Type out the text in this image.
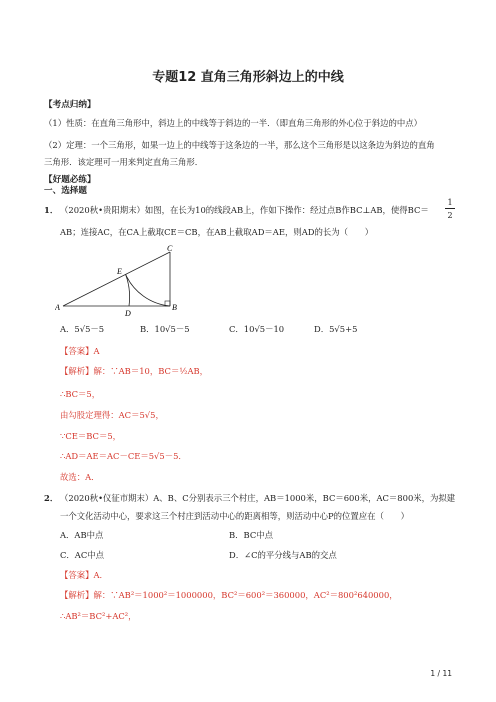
专题12 直角三角形斜边上的中线
【考点归纳】
（1）性质：在直角三角形中，斜边上的中线等于斜边的一半．（即直角三角形的外心位于斜边的中点）
（2）定理：一个三角形，如果一边上的中线等于这条边的一半，那么这个三角形是以这条边为斜边的直角
三角形．该定理可一用来判定直角三角形．
【好题必练】
一、选择题
1． （2020秋•贵阳期末）如图，在长为10的线段AB上，作如下操作：经过点B作BC⊥AB，使得BC＝
1
2
AB；连接AC，在CA上截取CE＝CB，在AB上截取AD＝AE，则AD的长为（　　）
A	B
C
D
E
A．5√5－5	B．10√5－5	C．10√5－10	D．5√5+5
【答案】A
【解析】解：∵AB＝10，BC＝½AB，
∴BC＝5，
由勾股定理得：AC＝5√5，
∵CE＝BC＝5，
∴AD＝AE＝AC－CE＝5√5－5．
故选：A．
2． （2020秋•仪征市期末）A、B、C分别表示三个村庄，AB＝1000米，BC＝600米，AC＝800米，为拟建
一个文化活动中心，要求这三个村庄到活动中心的距离相等，则活动中心P的位置应在（　　）
A．AB中点	B．BC中点
C．AC中点	D．∠C的平分线与AB的交点
【答案】A．
【解析】解：∵AB²＝1000²＝1000000，BC²＝600²＝360000，AC²＝800²640000，
∴AB²＝BC²+AC²，
1 / 11
